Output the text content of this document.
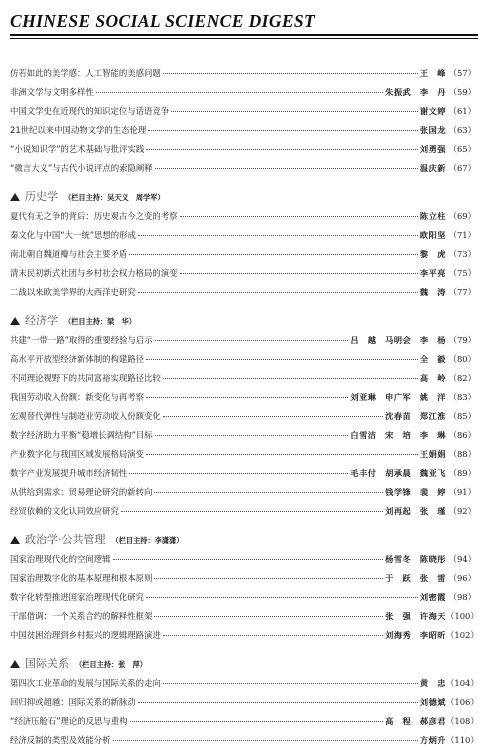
CHINESE SOCIAL SCIENCE DIGEST
仿若如此的美学感：人工智能的美感问题	王　峰 （57）
非洲文学与文明多样性	朱振武　李　丹 （59）
中国文学史在近现代的知识定位与话语竞争	谢文婷 （61）
21世纪以来中国动物文学的生态伦理	张国龙 （63）
“小说知识学”的艺术基础与批评实践	刘勇强 （65）
“微言大义”与古代小说评点的索隐阐释	温庆新 （67）
历史学 （栏目主持：吴天义　周学军）
夏代有无之争的背后：历史观古今之变的考察	陈立柱 （69）
秦文化与中国“大一统”思想的形成	欧阳坚 （71）
南北朝自魏道瓣与社会主要矛盾	黎　虎 （73）
清末民初新式社团与乡村社会权力格局的演变	李平亮 （75）
二战以来欧美学界的大西洋史研究	魏　涛 （77）
经济学 （栏目主持：梁　华）
共建“一带一路”取得的重要经验与启示	吕　越　马明会　李　杨 （79）
高水平开放型经济新体制的构建路径	全　毅 （80）
不同理论视野下的共同富裕实现路径比较	高　岭 （82）
我国劳动收入份额：新变化与再考察	刘亚琳　申广军　姚　洋 （83）
宏观替代弹性与制造业劳动收入份额变化	沈春苗　郑江淮 （85）
数字经济助力平衡“稳增长调结构”目标	白雪洁　宋　培　李　琳 （86）
产业数字化与我国区域发展格局演变	王娟娟 （88）
数字产业发展提升城市经济韧性	毛丰付　胡承晨　魏亚飞 （89）
从供给到需求：贸易理论研究的新转向	钱学锋　裴　婷 （91）
经贸依赖的文化认同效应研究	刘再起　张　瑾 （92）
政治学·公共管理 （栏目主持：李潇潇）
国家治理现代化的空间逻辑	杨雪冬　陈晓彤 （94）
国家治理数字化的基本原理和根本原则	于　跃　张　雷 （96）
数字化转型推进国家治理现代化研究	刘密霞 （98）
干部借调：一个关系合约的解释性框架	张　强　许海天 （100）
中国贫困治理到乡村振兴的逻辑理路演进	刘海秀　李昭昕 （102）
国际关系 （栏目主持：张　萍）
第四次工业革命的发展与国际关系的走向	黄　忠 （104）
回归抑或超越：国际关系的新脉动	刘德斌 （106）
“经济压舱石”理论的反思与重构	高　程　郝彦君 （108）
经济反制的类型及效能分析	方炳升 （110）
